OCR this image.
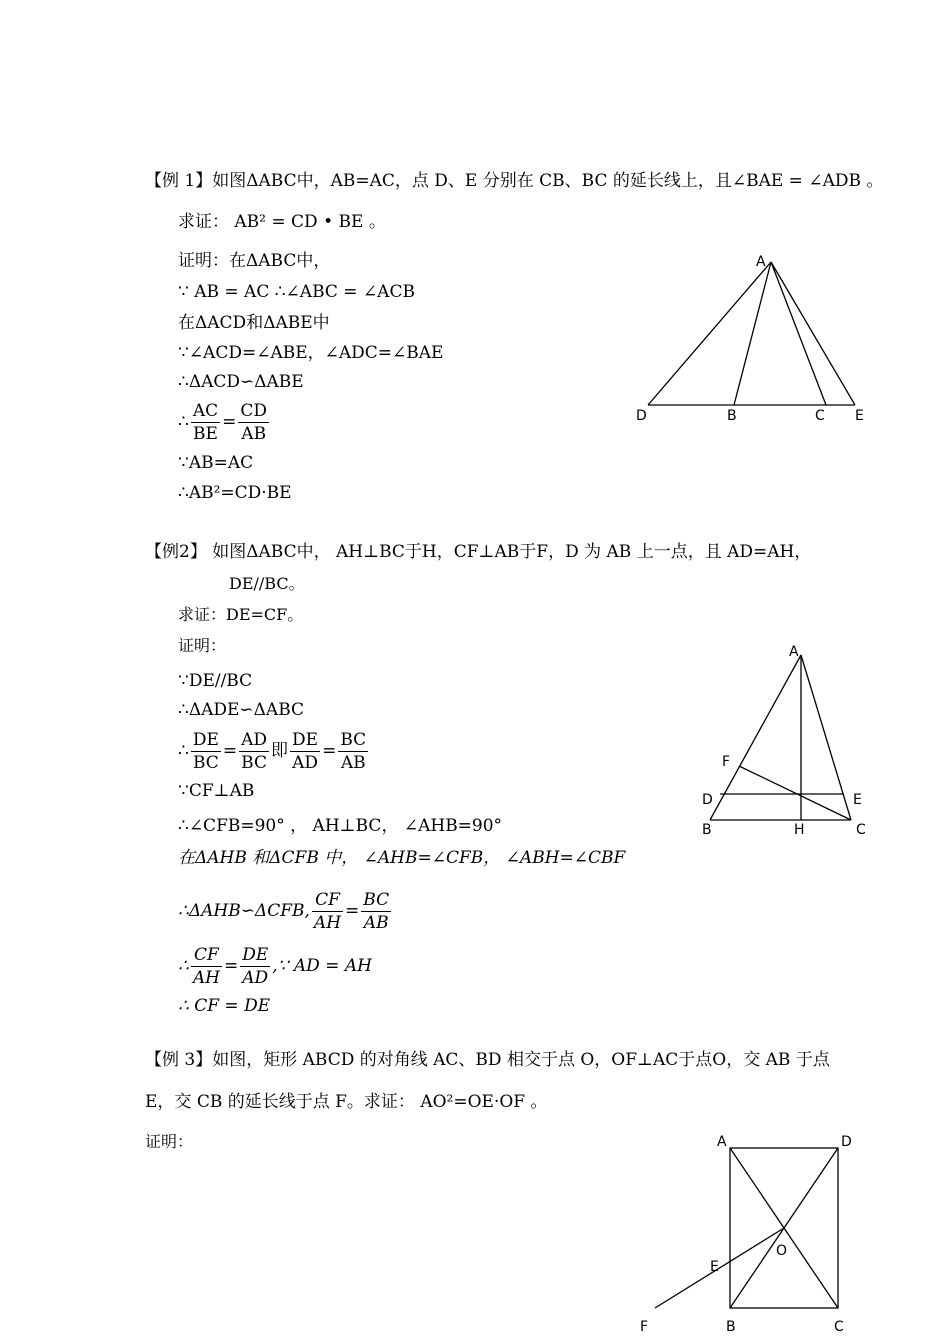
【例 1】如图ΔABC中，AB=AC，点 D、E 分别在 CB、BC 的延长线上，且∠BAE = ∠ADB 。
求证： AB² = CD • BE 。
证明：在ΔABC中，
∵ AB = AC ∴∠ABC = ∠ACB
在ΔACD和ΔABE中
∵∠ACD=∠ABE，∠ADC=∠BAE
∴ΔACD∽ΔABE
∴ $\frac{AC}{BE} = \frac{CD}{AB}$
∵AB=AC
∴AB²=CD·BE
A
D	B	C E
【例2】 如图ΔABC中， AH⊥BC于H，CF⊥AB于F，D 为 AB 上一点，且 AD=AH，
DE//BC。
求证：DE=CF。
证明：
∵DE//BC
∴ΔADE∽ΔABC
∴ $\frac{DE}{BC} = \frac{AD}{BC}$ 即 $\frac{DE}{AD} = \frac{BC}{AB}$
∵CF⊥AB
∴∠CFB=90° ， AH⊥BC， ∠AHB=90°
在ΔAHB 和ΔCFB 中， ∠AHB=∠CFB， ∠ABH=∠CBF
∴ΔAHB∽ΔCFB, $\frac{CF}{AH} = \frac{BC}{AB}$
∴ $\frac{CF}{AH} = \frac{DE}{AD}$ ,∵ AD = AH
∴ CF = DE
A
F
D	E
B	H	C
【例 3】如图，矩形 ABCD 的对角线 AC、BD 相交于点 O，OF⊥AC于点O，交 AB 于点
E，交 CB 的延长线于点 F。求证： AO²=OE·OF 。
证明：	A	D
O
E
F	B	C
